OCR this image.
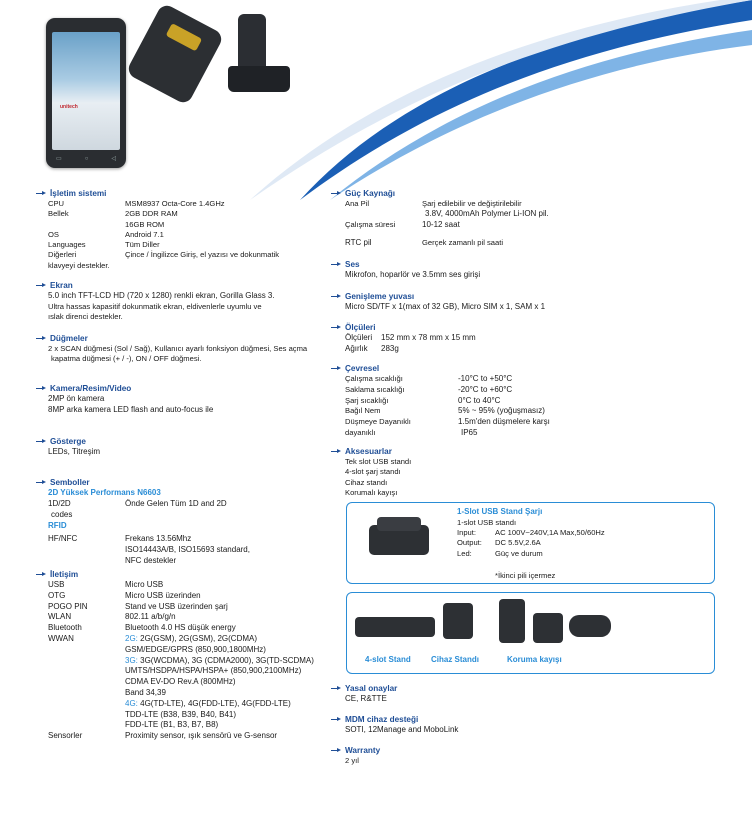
unitech
▭	○	◁
İşletim sistemi
CPU	MSM8937 Octa-Core 1.4GHz
Bellek	2GB DDR RAM
16GB ROM
OS	Android 7.1
Languages	Tüm Diller
Diğerleri	Çince / İngilizce Giriş, el yazısı ve dokunmatik
klavyeyi destekler.
Ekran
5.0 inch TFT-LCD HD (720 x 1280) renkli ekran, Gorilla Glass 3.
Ultra hassas kapasitif dokunmatik ekran, eldivenlerle uyumlu ve
ıslak direnci destekler.
Düğmeler
2 x SCAN düğmesi (Sol / Sağ), Kullanıcı ayarlı fonksiyon düğmesi, Ses açma
kapatma düğmesi (+ / -), ON / OFF düğmesi.
Kamera/Resim/Video
2MP ön kamera
8MP arka kamera LED flash and auto-focus ile
Gösterge
LEDs, Titreşim
Semboller
2D Yüksek Performans N6603
1D/2D	Önde Gelen Tüm 1D and 2D
codes
RFID
HF/NFC	Frekans 13.56Mhz
ISO14443A/B, ISO15693 standard,
NFC destekler
İletişim
USB	Micro USB
OTG	Micro USB üzerinden
POGO PIN	Stand ve USB üzerinden şarj
WLAN	802.11 a/b/g/n
Bluetooth	Bluetooth 4.0 HS düşük energy
WWAN	2G: 2G(GSM), 2G(GSM), 2G(CDMA)
GSM/EDGE/GPRS (850,900,1800MHz)
3G: 3G(WCDMA), 3G (CDMA2000), 3G(TD-SCDMA)
UMTS/HSDPA/HSPA/HSPA+ (850,900,2100MHz)
CDMA EV-DO Rev.A (800MHz)
Band 34,39
4G: 4G(TD-LTE), 4G(FDD-LTE), 4G(FDD-LTE)
TDD-LTE (B38, B39, B40, B41)
FDD-LTE (B1, B3, B7, B8)
Sensorler	Proximity sensor, ışık sensörü ve G-sensor
Güç Kaynağı
Ana Pil	Şarj edilebilir ve değiştirilebilir
3.8V, 4000mAh Polymer Li-ION pil.
Çalışma süresi	10-12 saat
RTC pil	Gerçek zamanlı pil saati
Ses
Mikrofon, hoparlör ve 3.5mm ses girişi
Genişleme yuvası
Micro SD/TF x 1(max of 32 GB), Micro SIM x 1, SAM x 1
Ölçüleri
Ölçüleri	152 mm x 78 mm x 15 mm
Ağırlık	283g
Çevresel
Çalışma sıcaklığı	-10°C to +50°C
Saklama sıcaklığı	-20°C to +60°C
Şarj sıcaklığı	0°C to 40°C
Bağıl Nem	5% ~ 95% (yoğuşmasız)
Düşmeye Dayanıklı	1.5m'den düşmelere karşı
dayanıklı	IP65
Aksesuarlar
Tek slot USB standı
4-slot şarj standı
Cihaz standı
Korumalı kayışı
1-Slot USB Stand Şarjı
1-slot USB standı
Input:	AC 100V~240V,1A Max,50/60Hz
Output:	DC 5.5V,2.6A
Led:	Güç ve durum
*İkinci pili içermez
4-slot Stand	Cihaz Standı	Koruma kayışı
Yasal onaylar
CE, R&TTE
MDM cihaz desteği
SOTI, 12Manage and MoboLink
Warranty
2 yıl
